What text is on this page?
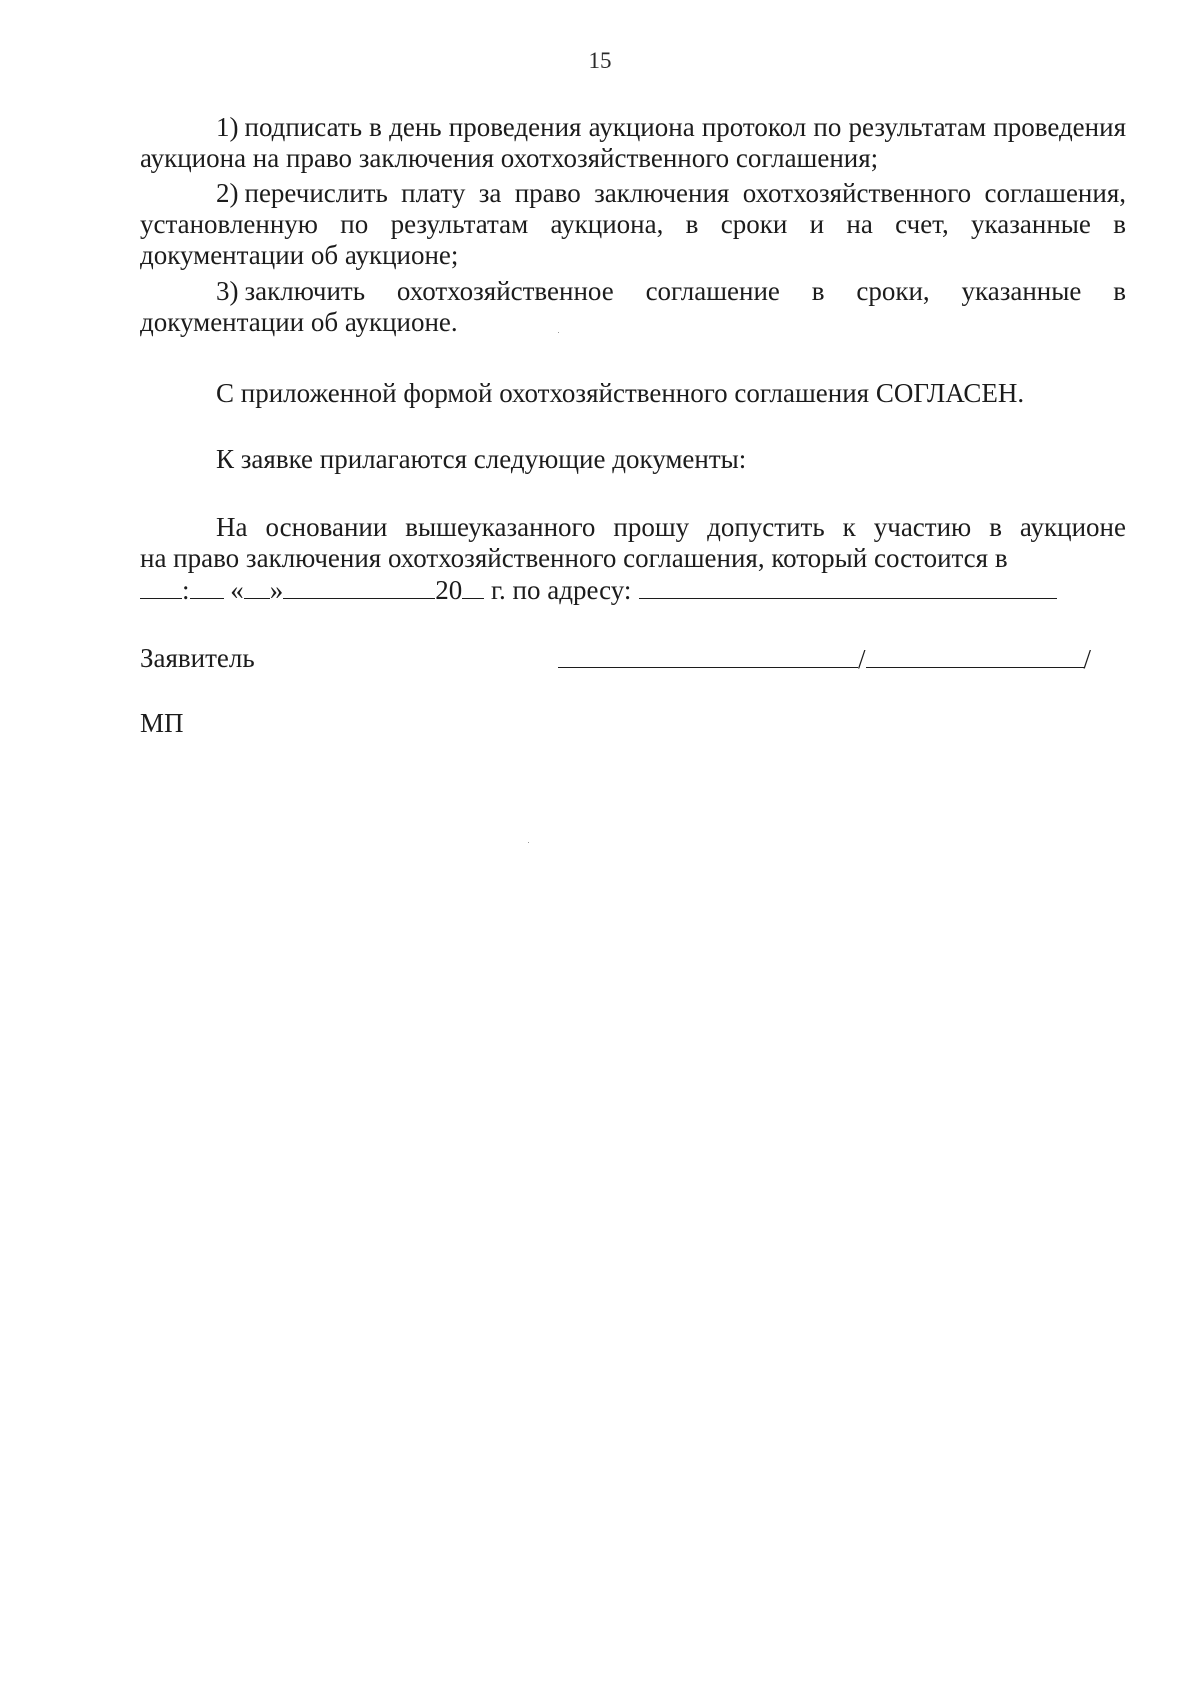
15
1) подписать в день проведения аукциона протокол по результатам проведения аукциона на право заключения охотхозяйственного соглашения;
2) перечислить плату за право заключения охотхозяйственного соглашения, установленную по результатам аукциона, в сроки и на счет, указанные в документации об аукционе;
3) заключить охотхозяйственное соглашение в сроки, указанные в документации об аукционе.
С приложенной формой охотхозяйственного соглашения СОГЛАСЕН.
К заявке прилагаются следующие документы:
На основании вышеуказанного прошу допустить к участию в аукционе
на право заключения охотхозяйственного соглашения, который состоится в
: « »	20 г. по адресу:
Заявитель	/	/
МП
